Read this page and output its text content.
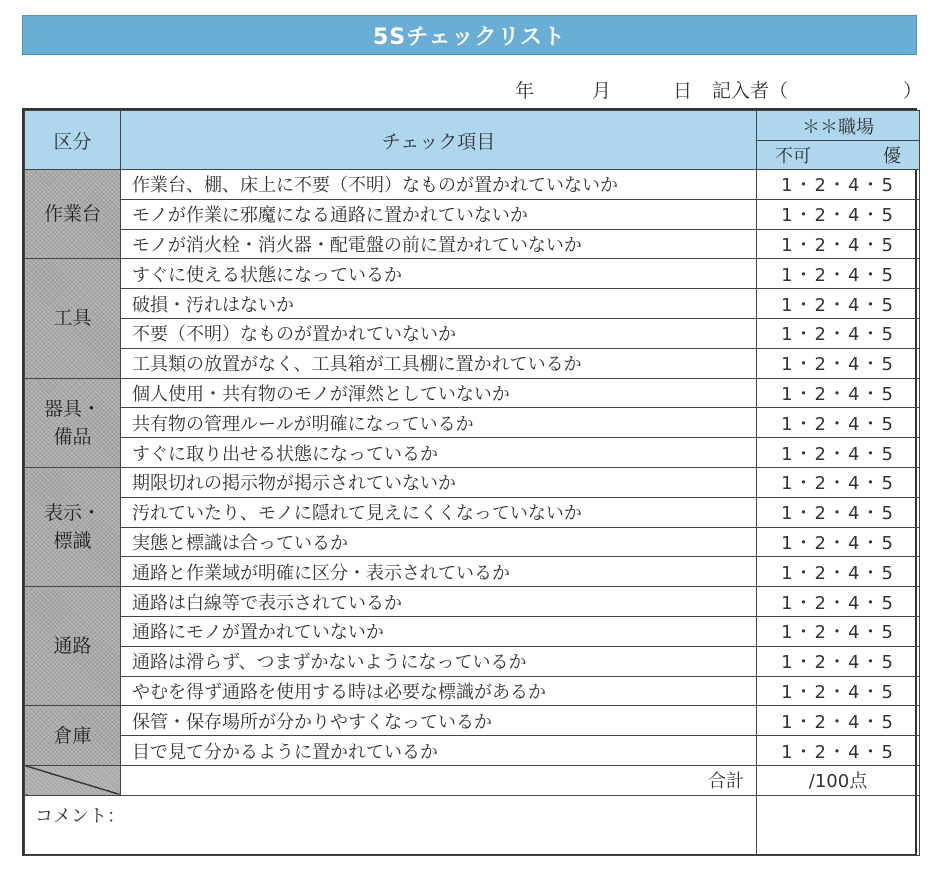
5Sチェックリスト
年	月	日 記入者（	）
区分	チェック項目	＊＊職場

		不可 優

作業台	作業台、棚、床上に不要（不明）なものが置かれていないか	1・2・4・5
	モノが作業に邪魔になる通路に置かれていないか	1・2・4・5
	モノが消火栓・消火器・配電盤の前に置かれていないか	1・2・4・5
工具	すぐに使える状態になっているか	1・2・4・5
	破損・汚れはないか	1・2・4・5
	不要（不明）なものが置かれていないか	1・2・4・5
	工具類の放置がなく、工具箱が工具棚に置かれているか	1・2・4・5

器具・
備品	個人使用・共有物のモノが渾然としていないか	1・2・4・5
	共有物の管理ルールが明確になっているか	1・2・4・5
	すぐに取り出せる状態になっているか	1・2・4・5

表示・
標識	期限切れの掲示物が掲示されていないか	1・2・4・5
	汚れていたり、モノに隠れて見えにくくなっていないか	1・2・4・5
	実態と標識は合っているか	1・2・4・5
	通路と作業域が明確に区分・表示されているか	1・2・4・5
通路	通路は白線等で表示されているか	1・2・4・5
	通路にモノが置かれていないか	1・2・4・5
	通路は滑らず、つまずかないようになっているか	1・2・4・5
	やむを得ず通路を使用する時は必要な標識があるか	1・2・4・5
倉庫	保管・保存場所が分かりやすくなっているか	1・2・4・5
	目で見て分かるように置かれているか	1・2・4・5
	合計	/100点
コメント：		
